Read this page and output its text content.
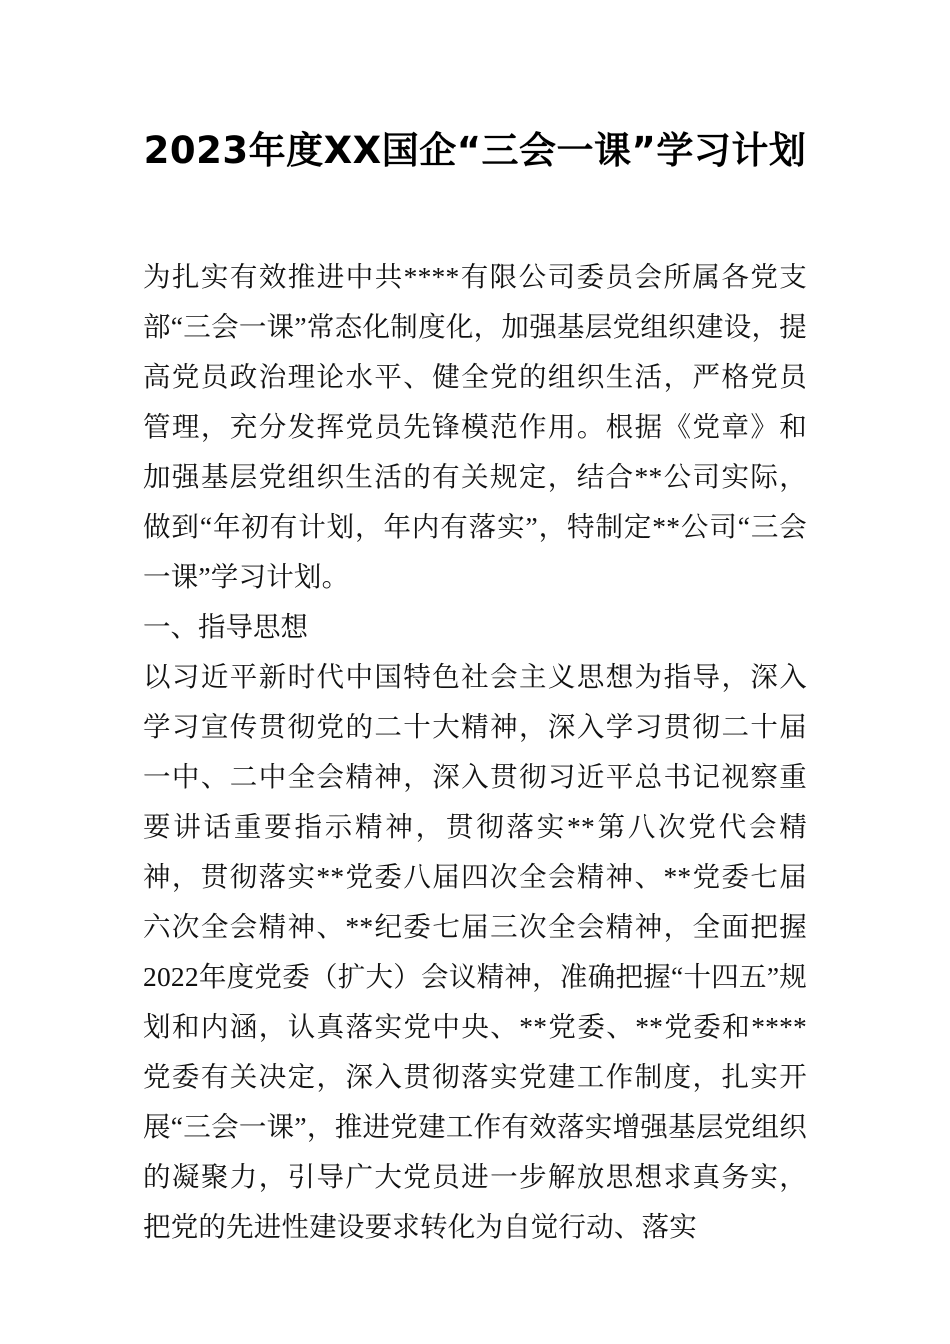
2023年度XX国企“三会一课”学习计划

为扎实有效推进中共****有限公司委员会所属各党支部“三会一课”常态化制度化，加强基层党组织建设，提高党员政治理论水平、健全党的组织生活，严格党员管理，充分发挥党员先锋模范作用。根据《党章》和加强基层党组织生活的有关规定，结合**公司实际，做到“年初有计划，年内有落实”，特制定**公司“三会一课”学习计划。

一、指导思想

以习近平新时代中国特色社会主义思想为指导，深入学习宣传贯彻党的二十大精神，深入学习贯彻二十届一中、二中全会精神，深入贯彻习近平总书记视察重要讲话重要指示精神，贯彻落实**第八次党代会精神，贯彻落实**党委八届四次全会精神、**党委七届六次全会精神、**纪委七届三次全会精神，全面把握2022年度党委（扩大）会议精神，准确把握“十四五”规划和内涵，认真落实党中央、**党委、**党委和****党委有关决定，深入贯彻落实党建工作制度，扎实开展“三会一课”，推进党建工作有效落实增强基层党组织的凝聚力，引导广大党员进一步解放思想求真务实，把党的先进性建设要求转化为自觉行动、落实
